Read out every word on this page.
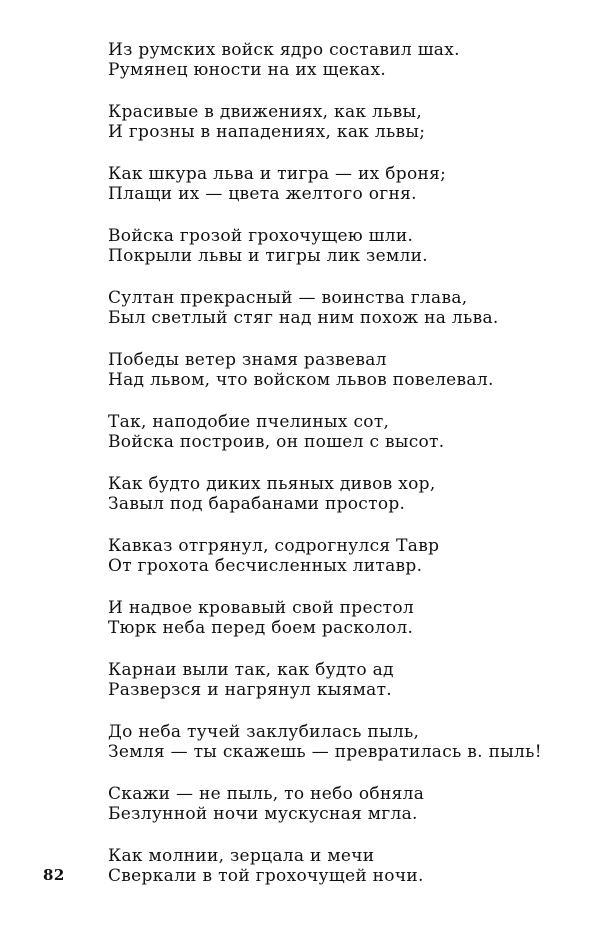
Из румских войск ядро составил шах.
Румянец юности на их щеках.
Красивые в движениях, как львы,
И грозны в нападениях, как львы;
Как шкура льва и тигра — их броня;
Плащи их — цвета желтого огня.
Войска грозой грохочущею шли.
Покрыли львы и тигры лик земли.
Султан прекрасный — воинства глава,
Был светлый стяг над ним похож на льва.
Победы ветер знамя развевал
Над львом, что войском львов повелевал.
Так, наподобие пчелиных сот,
Войска построив, он пошел с высот.
Как будто диких пьяных дивов хор,
Завыл под барабанами простор.
Кавказ отгрянул, содрогнулся Тавр
От грохота бесчисленных литавр.
И надвое кровавый свой престол
Тюрк неба перед боем расколол.
Карнаи выли так, как будто ад
Разверзся и нагрянул кыямат.
До неба тучей заклубилась пыль,
Земля — ты скажешь — превратилась в. пыль!
Скажи — не пыль, то небо обняла
Безлунной ночи мускусная мгла.
Как молнии, зерцала и мечи
Сверкали в той грохочущей ночи.
82
